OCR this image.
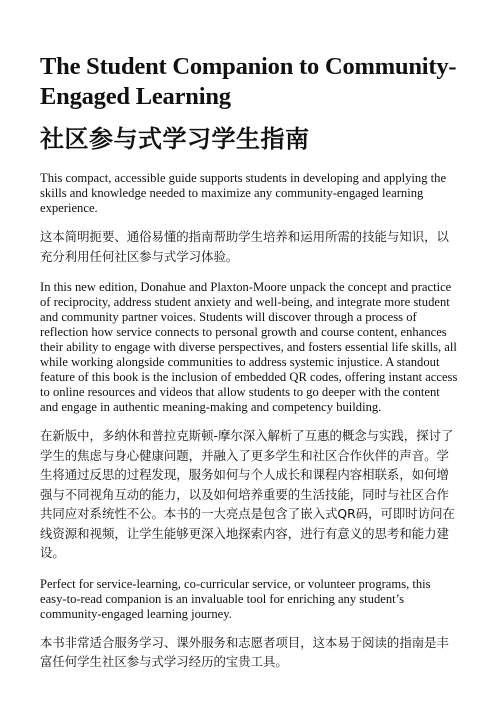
The Student Companion to Community-Engaged Learning
社区参与式学习学生指南

This compact, accessible guide supports students in developing and applying the skills and knowledge needed to maximize any community-engaged learning experience.

这本简明扼要、通俗易懂的指南帮助学生培养和运用所需的技能与知识，以充分利用任何社区参与式学习体验。

In this new edition, Donahue and Plaxton-Moore unpack the concept and practice of reciprocity, address student anxiety and well-being, and integrate more student and community partner voices. Students will discover through a process of reflection how service connects to personal growth and course content, enhances their ability to engage with diverse perspectives, and fosters essential life skills, all while working alongside communities to address systemic injustice. A standout feature of this book is the inclusion of embedded QR codes, offering instant access to online resources and videos that allow students to go deeper with the content and engage in authentic meaning-making and competency building.

在新版中，多纳休和普拉克斯顿-摩尔深入解析了互惠的概念与实践，探讨了学生的焦虑与身心健康问题，并融入了更多学生和社区合作伙伴的声音。学生将通过反思的过程发现，服务如何与个人成长和课程内容相联系，如何增强与不同视角互动的能力，以及如何培养重要的生活技能，同时与社区合作共同应对系统性不公。本书的一大亮点是包含了嵌入式QR码，可即时访问在线资源和视频，让学生能够更深入地探索内容，进行有意义的思考和能力建设。

Perfect for service-learning, co-curricular service, or volunteer programs, this easy-to-read companion is an invaluable tool for enriching any student’s community-engaged learning journey.

本书非常适合服务学习、课外服务和志愿者项目，这本易于阅读的指南是丰富任何学生社区参与式学习经历的宝贵工具。
